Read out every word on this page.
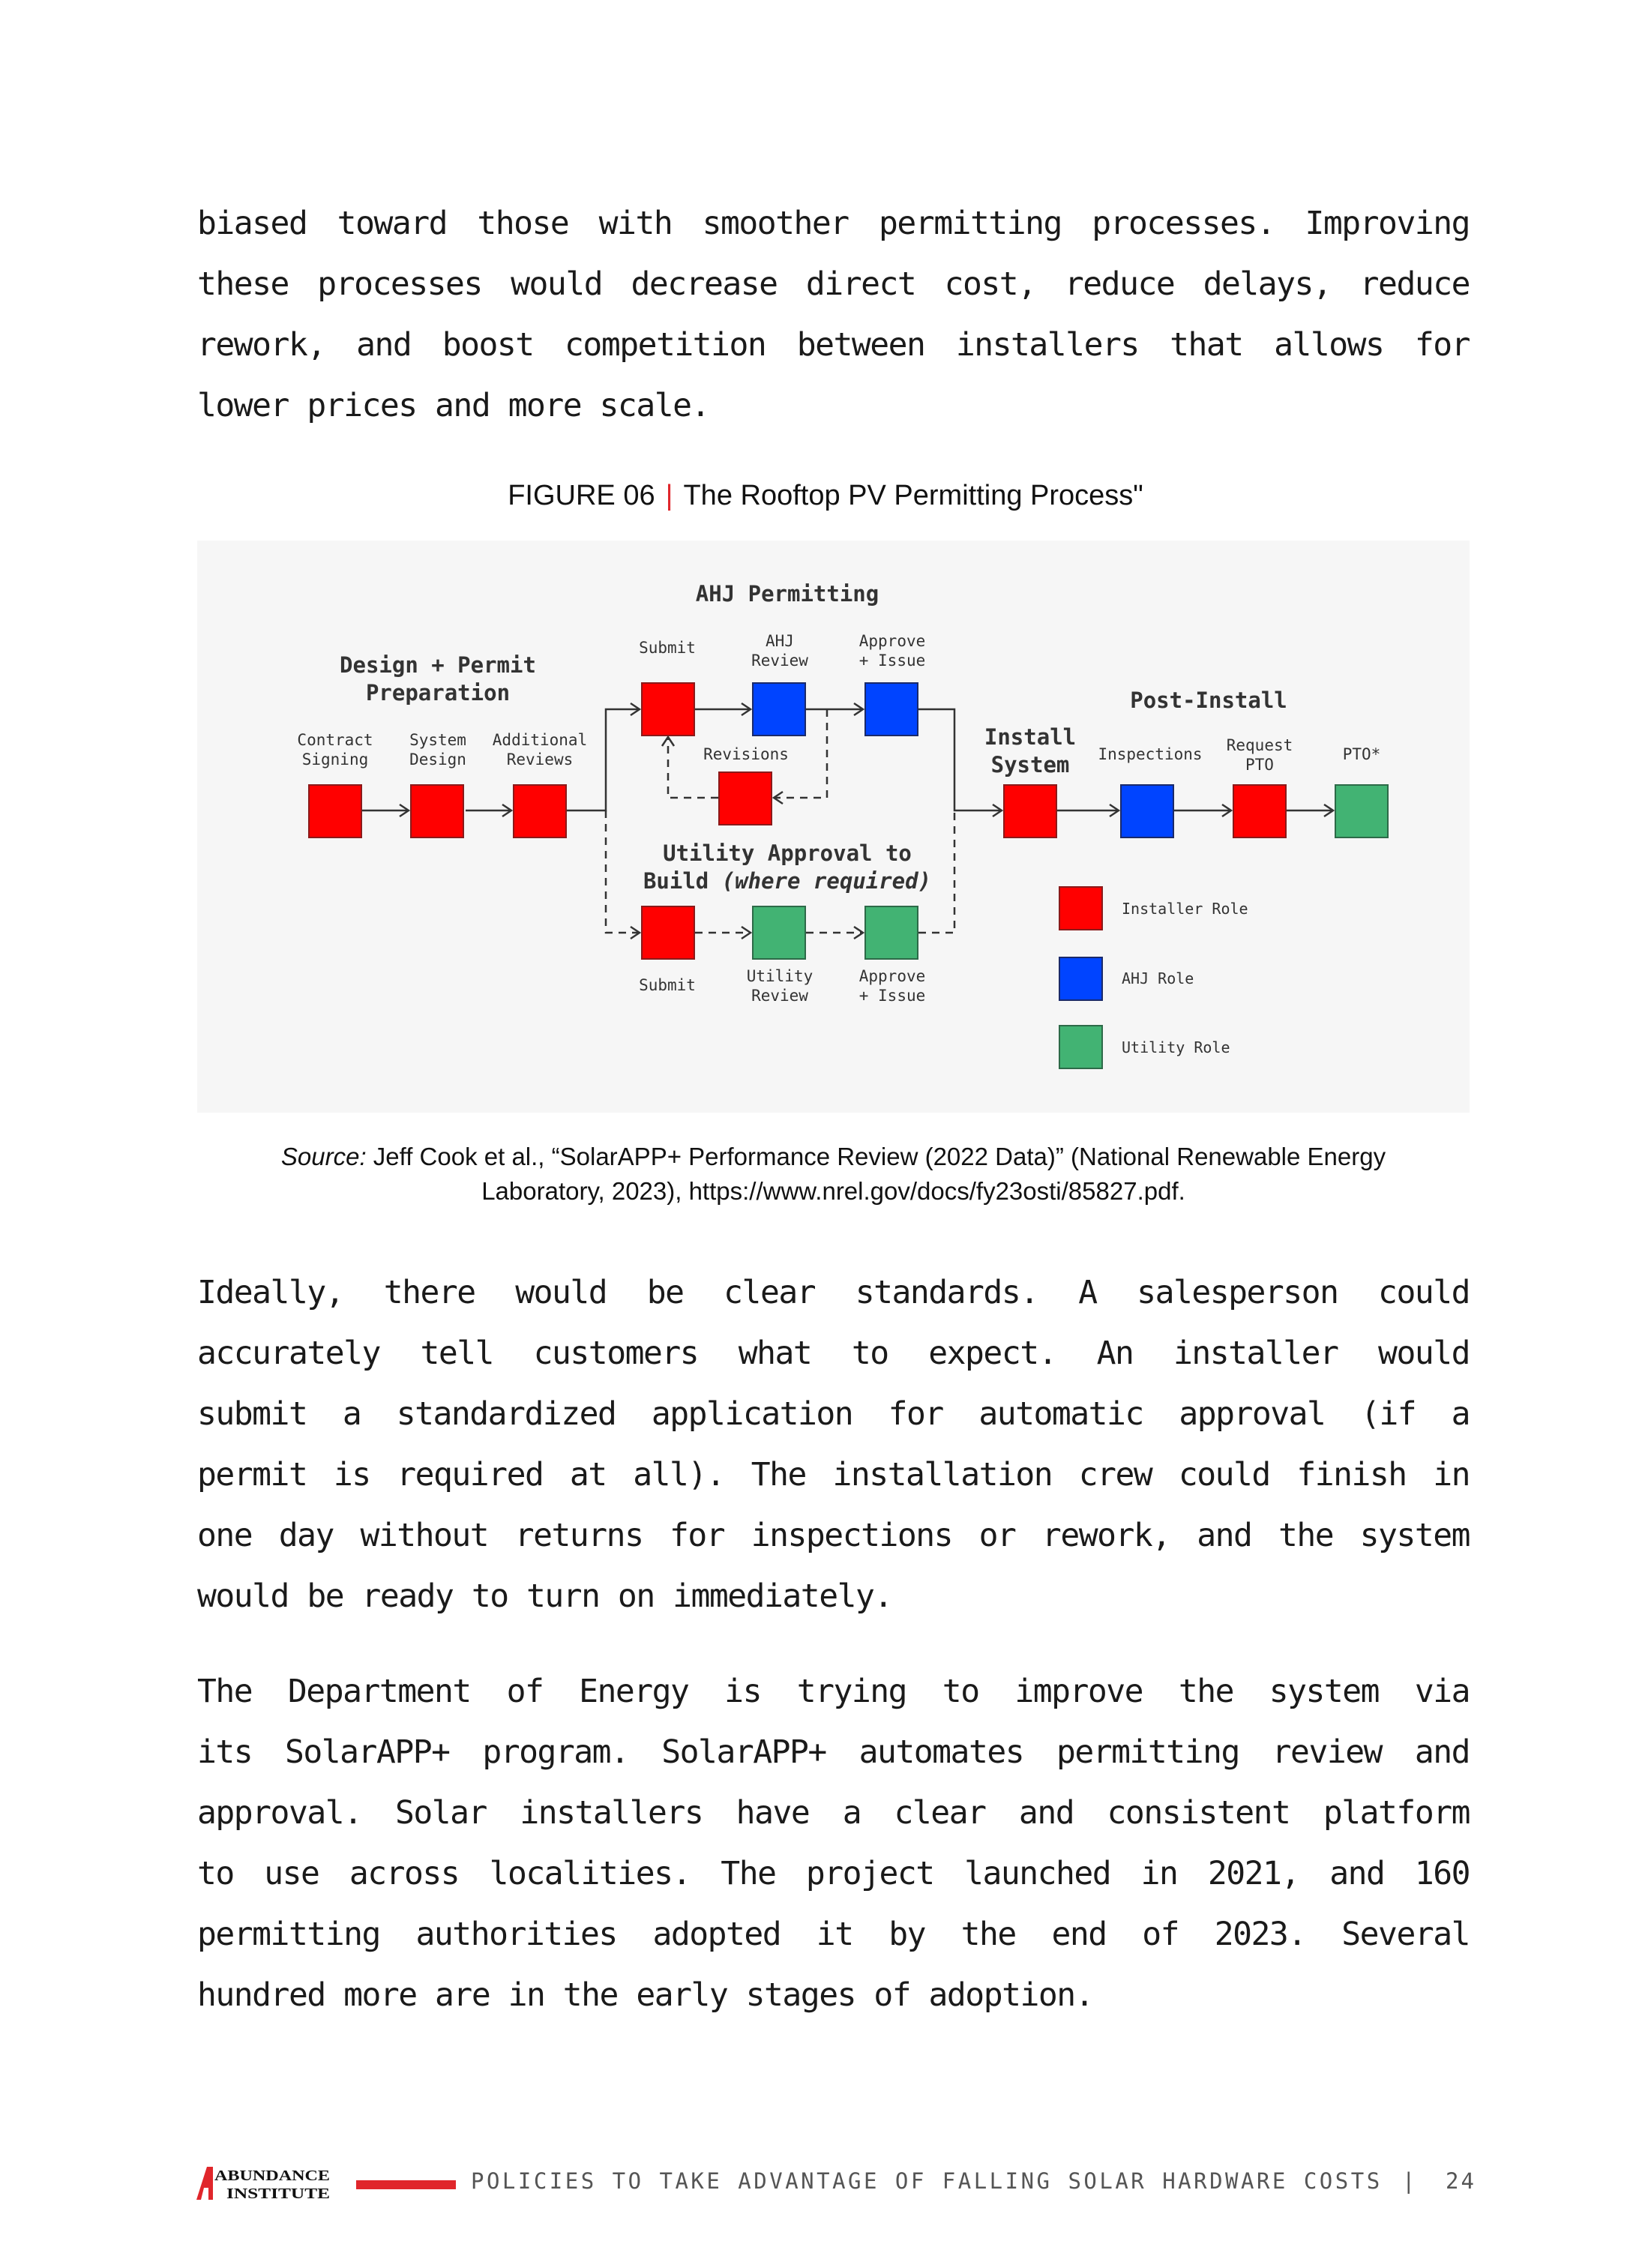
biased toward those with smoother permitting processes. Improving
these processes would decrease direct cost, reduce delays, reduce
rework, and boost competition between installers that allows for
lower prices and more scale.
FIGURE 06 | The Rooftop PV Permitting Process"
AHJ Permitting
Design + Permit
Preparation	Post-Install
Install
System
Utility Approval to
Build (where required)
Contract
Signing
System
Design
Additional
Reviews
Submit	AHJ
Review
Approve
+ Issue
Revisions	Inspections Request
PTO
PTO*
Submit	Utility
Review
Approve
+ Issue
Installer Role
AHJ Role
Utility Role
Source: Jeff Cook et al., “SolarAPP+ Performance Review (2022 Data)” (National Renewable Energy
Laboratory, 2023), https://www.nrel.gov/docs/fy23osti/85827.pdf.
Ideally, there would be clear standards. A salesperson could
accurately tell customers what to expect. An installer would
submit a standardized application for automatic approval (if a
permit is required at all). The installation crew could finish in
one day without returns for inspections or rework, and the system
would be ready to turn on immediately.
The Department of Energy is trying to improve the system via
its SolarAPP+ program. SolarAPP+ automates permitting review and
approval. Solar installers have a clear and consistent platform
to use across localities. The project launched in 2021, and 160
permitting authorities adopted it by the end of 2023. Several
hundred more are in the early stages of adoption.
ABUNDANCE
INSTITUTE	POLICIES TO TAKE ADVANTAGE OF FALLING SOLAR HARDWARE COSTS | 24
